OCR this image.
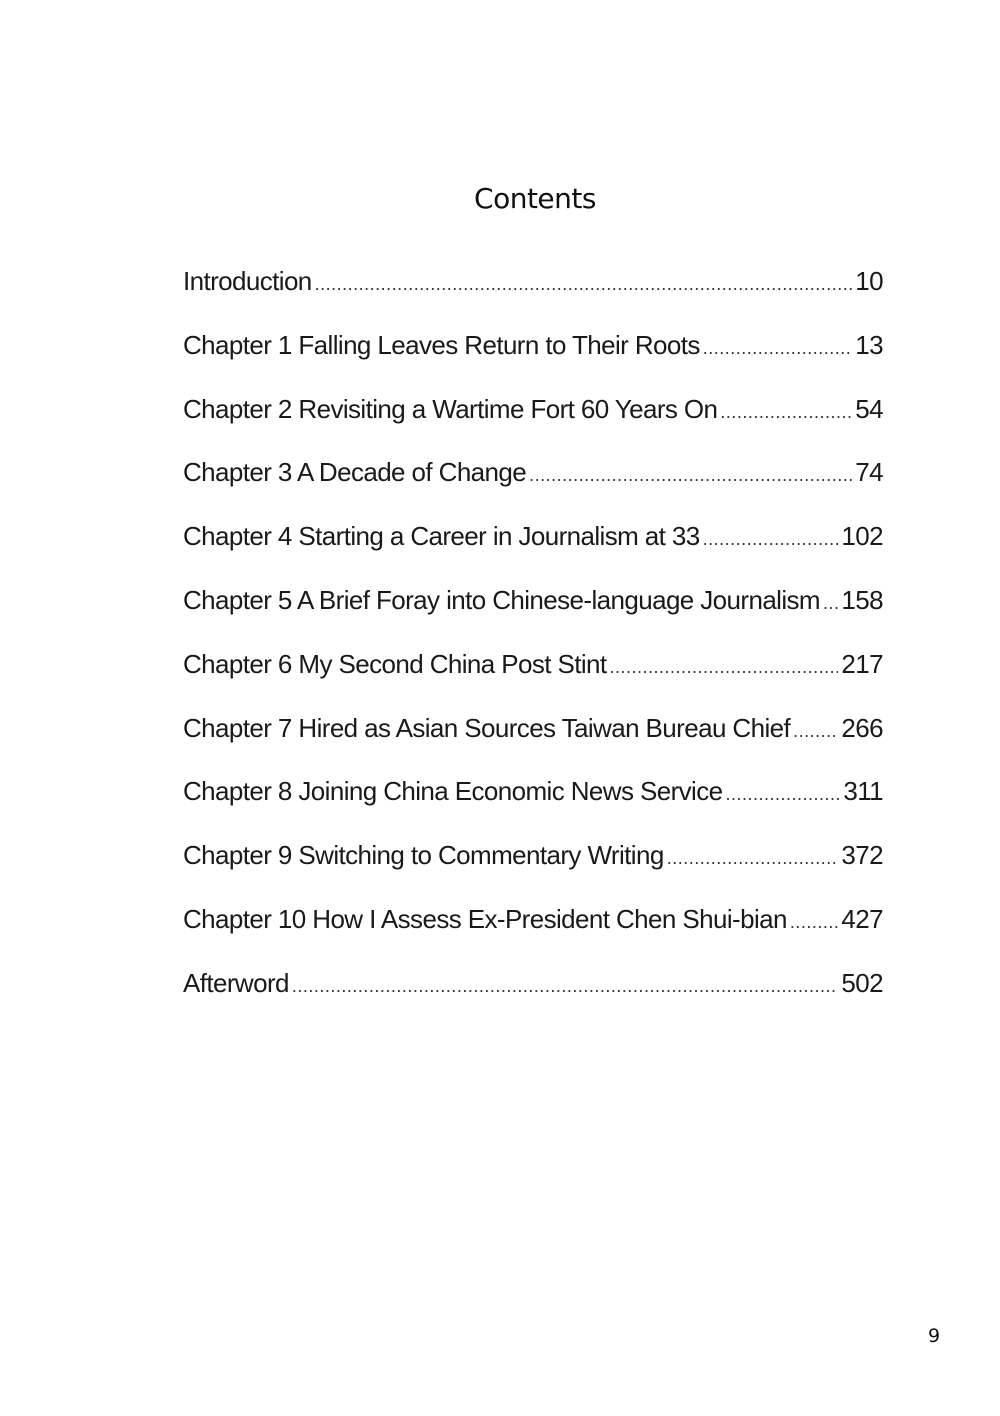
Contents
Introduction .....	10
Chapter 1 Falling Leaves Return to Their Roots .....	13
Chapter 2 Revisiting a Wartime Fort 60 Years On .....	54
Chapter 3 A Decade of Change .....	74
Chapter 4 Starting a Career in Journalism at 33 .....	102
Chapter 5 A Brief Foray into Chinese-language Journalism ..... 158
Chapter 6 My Second China Post Stint .....	217
Chapter 7 Hired as Asian Sources Taiwan Bureau Chief ..... 266
Chapter 8 Joining China Economic News Service .....	311
Chapter 9 Switching to Commentary Writing .....	372
Chapter 10 How I Assess Ex-President Chen Shui-bian ..... 427
Afterword .....	502
9
